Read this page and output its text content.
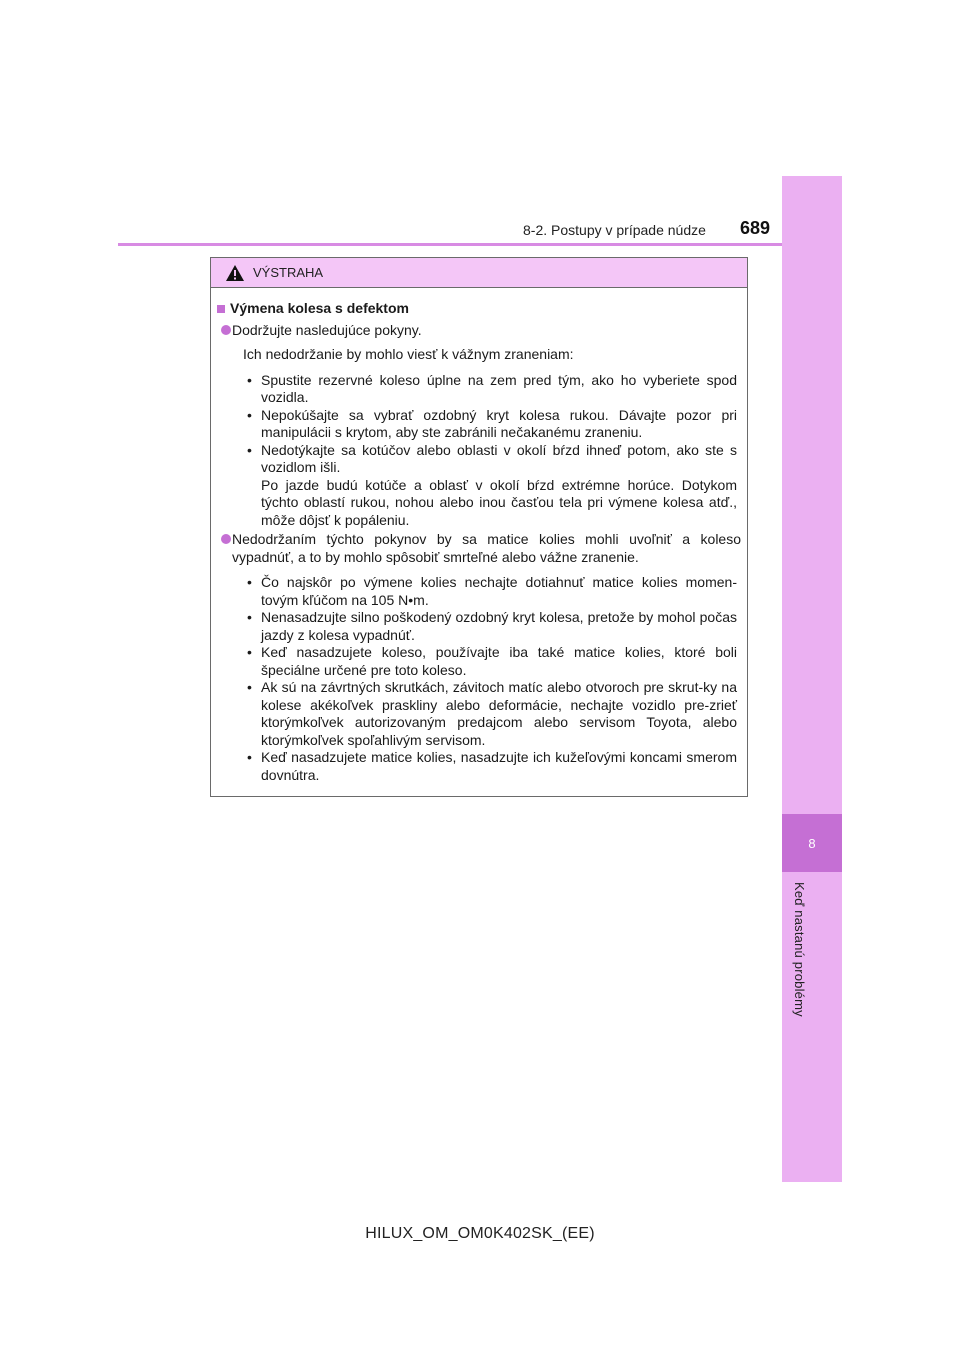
8
Keď nastanú problémy
8-2. Postupy v prípade núdze 689
VÝSTRAHA
Výmena kolesa s defektom
Dodržujte nasledujúce pokyny.
Ich nedodržanie by mohlo viesť k vážnym zraneniam:
• Spustite rezervné koleso úplne na zem pred tým, ako ho vyberiete spod vozidla.
• Nepokúšajte sa vybrať ozdobný kryt kolesa rukou. Dávajte pozor pri manipulácii s krytom, aby ste zabránili nečakanému zraneniu.
• Nedotýkajte sa kotúčov alebo oblasti v okolí bŕzd ihneď potom, ako ste s vozidlom išli.
Po jazde budú kotúče a oblasť v okolí bŕzd extrémne horúce. Dotykom týchto oblastí rukou, nohou alebo inou časťou tela pri výmene kolesa atď., môže dôjsť k popáleniu.
Nedodržaním týchto pokynov by sa matice kolies mohli uvoľniť a koleso vypadnúť, a to by mohlo spôsobiť smrteľné alebo vážne zranenie.
• Čo najskôr po výmene kolies nechajte dotiahnuť matice kolies momen-tovým kľúčom na 105 N•m.
• Nenasadzujte silno poškodený ozdobný kryt kolesa, pretože by mohol počas jazdy z kolesa vypadnúť.
• Keď nasadzujete koleso, používajte iba také matice kolies, ktoré boli špeciálne určené pre toto koleso.
• Ak sú na závrtných skrutkách, závitoch matíc alebo otvoroch pre skrut-ky na kolese akékoľvek praskliny alebo deformácie, nechajte vozidlo pre-zrieť ktorýmkoľvek autorizovaným predajcom alebo servisom Toyota, alebo ktorýmkoľvek spoľahlivým servisom.
• Keď nasadzujete matice kolies, nasadzujte ich kužeľovými koncami smerom dovnútra.
HILUX_OM_OM0K402SK_(EE)
